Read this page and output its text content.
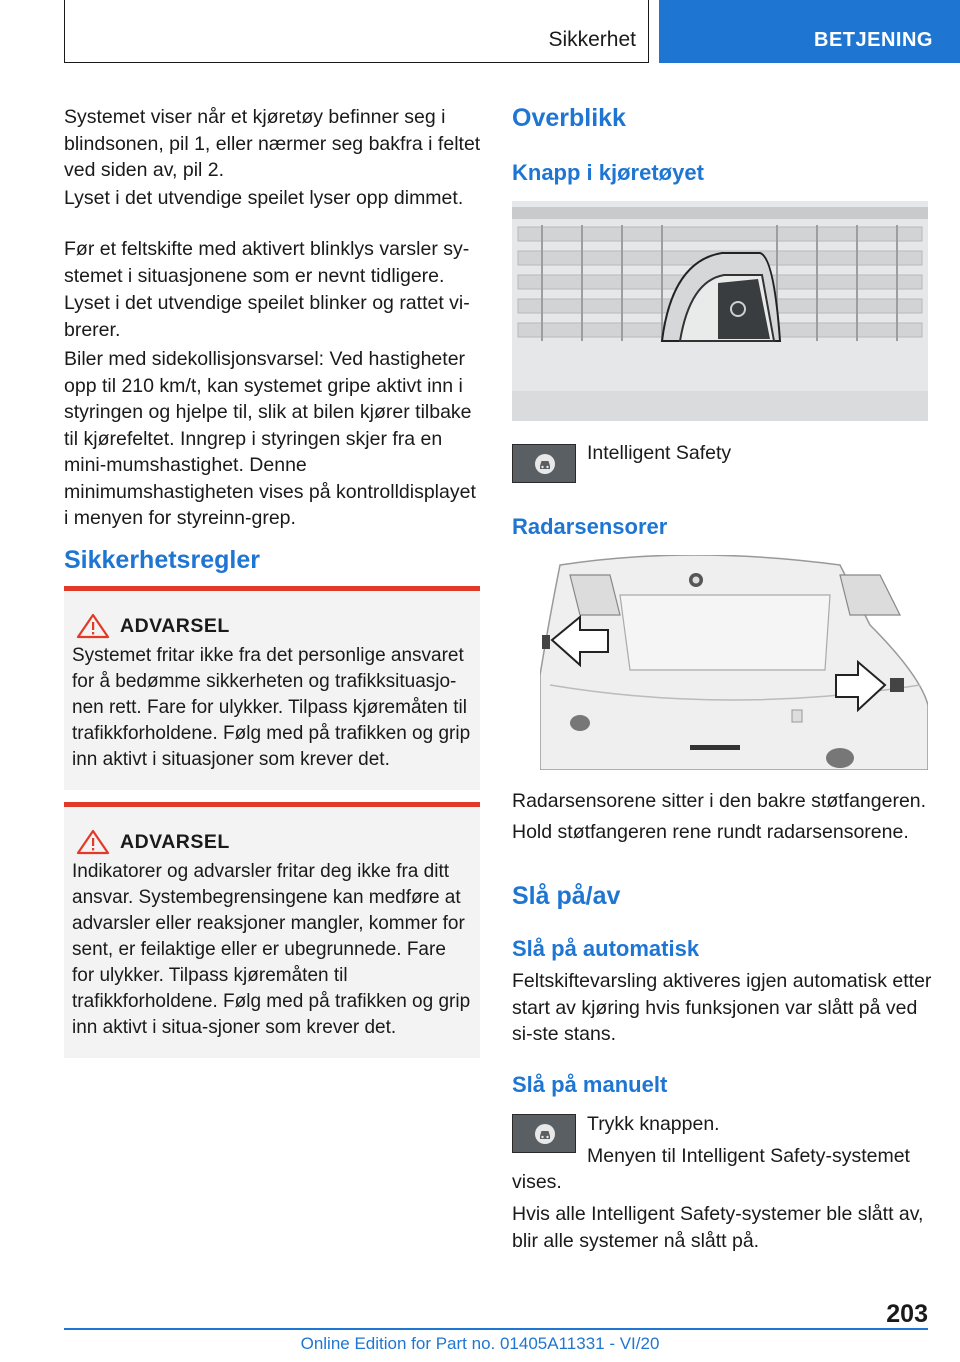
Sikkerhet	BETJENING

Systemet viser når et kjøretøy befinner seg i blindsonen, pil 1, eller nærmer seg bakfra i feltet ved siden av, pil 2.

Lyset i det utvendige speilet lyser opp dimmet.

Før et feltskifte med aktivert blinklys varsler sy-stemet i situasjonene som er nevnt tidligere.

Lyset i det utvendige speilet blinker og rattet vi-brerer.

Biler med sidekollisjonsvarsel: Ved hastigheter opp til 210 km/t, kan systemet gripe aktivt inn i styringen og hjelpe til, slik at bilen kjører tilbake til kjørefeltet. Inngrep i styringen skjer fra en mini-mumshastighet. Denne minimumshastigheten vises på kontrolldisplayet i menyen for styreinn-grep.

Sikkerhetsregler
ADVARSEL

Systemet fritar ikke fra det personlige ansvaret for å bedømme sikkerheten og trafikksituasjo-nen rett. Fare for ulykker. Tilpass kjøremåten til trafikkforholdene. Følg med på trafikken og grip inn aktivt i situasjoner som krever det.

ADVARSEL

Indikatorer og advarsler fritar deg ikke fra ditt ansvar. Systembegrensingene kan medføre at advarsler eller reaksjoner mangler, kommer for sent, er feilaktige eller er ubegrunnede. Fare for ulykker. Tilpass kjøremåten til trafikkforholdene. Følg med på trafikken og grip inn aktivt i situa-sjoner som krever det.

Overblikk
Knapp i kjøretøyet

Intelligent Safety

Radarsensorer

Radarsensorene sitter i den bakre støtfangeren.

Hold støtfangeren rene rundt radarsensorene.

Slå på/av
Slå på automatisk

Feltskiftevarsling aktiveres igjen automatisk etter start av kjøring hvis funksjonen var slått på ved si-ste stans.

Slå på manuelt

Trykk knappen.

Menyen til Intelligent Safety-systemet

vises.

Hvis alle Intelligent Safety-systemer ble slått av, blir alle systemer nå slått på.

203
Online Edition for Part no. 01405A11331 - VI/20
